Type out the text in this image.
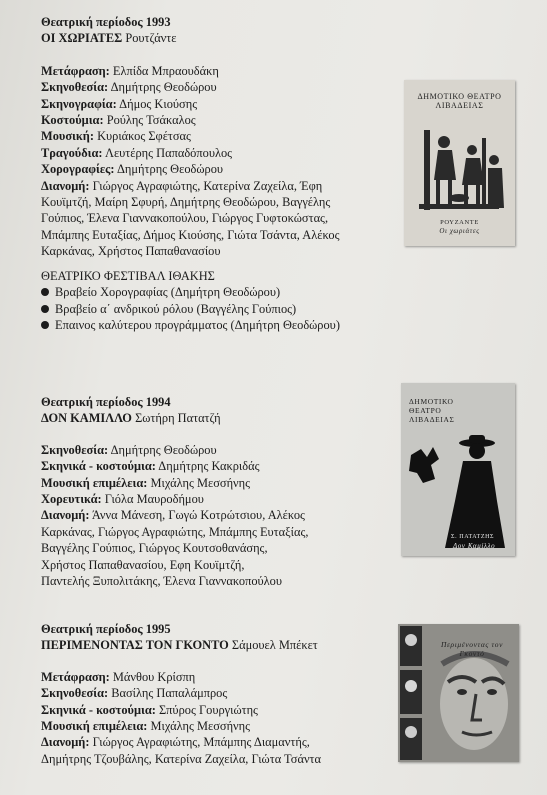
Θεατρική περίοδος 1993
ΟΙ ΧΩΡΙΑΤΕΣ Ρουτζάντε
Μετάφραση: Ελπίδα Μπραουδάκη
Σκηνοθεσία: Δημήτρης Θεοδώρου
Σκηνογραφία: Δήμος Κιούσης
Κοστούμια: Ρούλης Τσάκαλος
Μουσική: Κυριάκος Σφέτσας
Τραγούδια: Λευτέρης Παπαδόπουλος
Χορογραφίες: Δημήτρης Θεοδώρου
Διανομή: Γιώργος Αγραφιώτης, Κατερίνα Ζαχείλα, Έφη
Κουϊμτζή, Μαίρη Σφυρή, Δημήτρης Θεοδώρου, Βαγγέλης
Γούπιος, Έλενα Γιαννακοπούλου, Γιώργος Γυφτοκώστας,
Μπάμπης Ευταξίας, Δήμος Κιούσης, Γιώτα Τσάντα, Αλέκος
Καρκάνας, Χρήστος Παπαθανασίου
ΘΕΑΤΡΙΚΟ ΦΕΣΤΙΒΑΛ ΙΘΑΚΗΣ
Βραβείο Χορογραφίας (Δημήτρη Θεοδώρου)
Βραβείο α΄ ανδρικού ρόλου (Βαγγέλης Γούπιος)
Επαινος καλύτερου προγράμματος (Δημήτρη Θεοδώρου)
ΔΗΜΟΤΙΚΟ ΘΕΑΤΡΟ
ΛΙΒΑΔΕΙΑΣ
ΡΟΥΖΑΝΤΕ
Οι χωριάτες
Θεατρική περίοδος 1994
ΔΟΝ ΚΑΜΙΛΛΟ Σωτήρη Πατατζή
Σκηνοθεσία: Δημήτρης Θεοδώρου
Σκηνικά - κοστούμια: Δημήτρης Κακριδάς
Μουσική επιμέλεια: Μιχάλης Μεσσήνης
Χορευτικά: Γιόλα Μαυροδήμου
Διανομή: Άννα Μάνεση, Γωγώ Κοτρώτσιου, Αλέκος
Καρκάνας, Γιώργος Αγραφιώτης, Μπάμπης Ευταξίας,
Βαγγέλης Γούπιος, Γιώργος Κουτσοθανάσης,
Χρήστος Παπαθανασίου, Εφη Κουϊμτζή,
Παντελής Ξυπολιτάκης, Έλενα Γιαννακοπούλου
ΔΗΜΟΤΙΚΟ
ΘΕΑΤΡΟ
ΛΙΒΑΔΕΙΑΣ
Σ. ΠΑΤΑΤΖΗΣ
Δον Καμίλλο
Θεατρική περίοδος 1995
ΠΕΡΙΜΕΝΟΝΤΑΣ ΤΟΝ ΓΚΟΝΤΟ Σάμουελ Μπέκετ
Μετάφραση: Μάνθου Κρίσπη
Σκηνοθεσία: Βασίλης Παπαλάμπρος
Σκηνικά - κοστούμια: Σπύρος Γουργιώτης
Μουσική επιμέλεια: Μιχάλης Μεσσήνης
Διανομή: Γιώργος Αγραφιώτης, Μπάμπης Διαμαντής,
Δημήτρης Τζουβάλης, Κατερίνα Ζαχείλα, Γιώτα Τσάντα
Περιμένοντας τον Γκοντό
